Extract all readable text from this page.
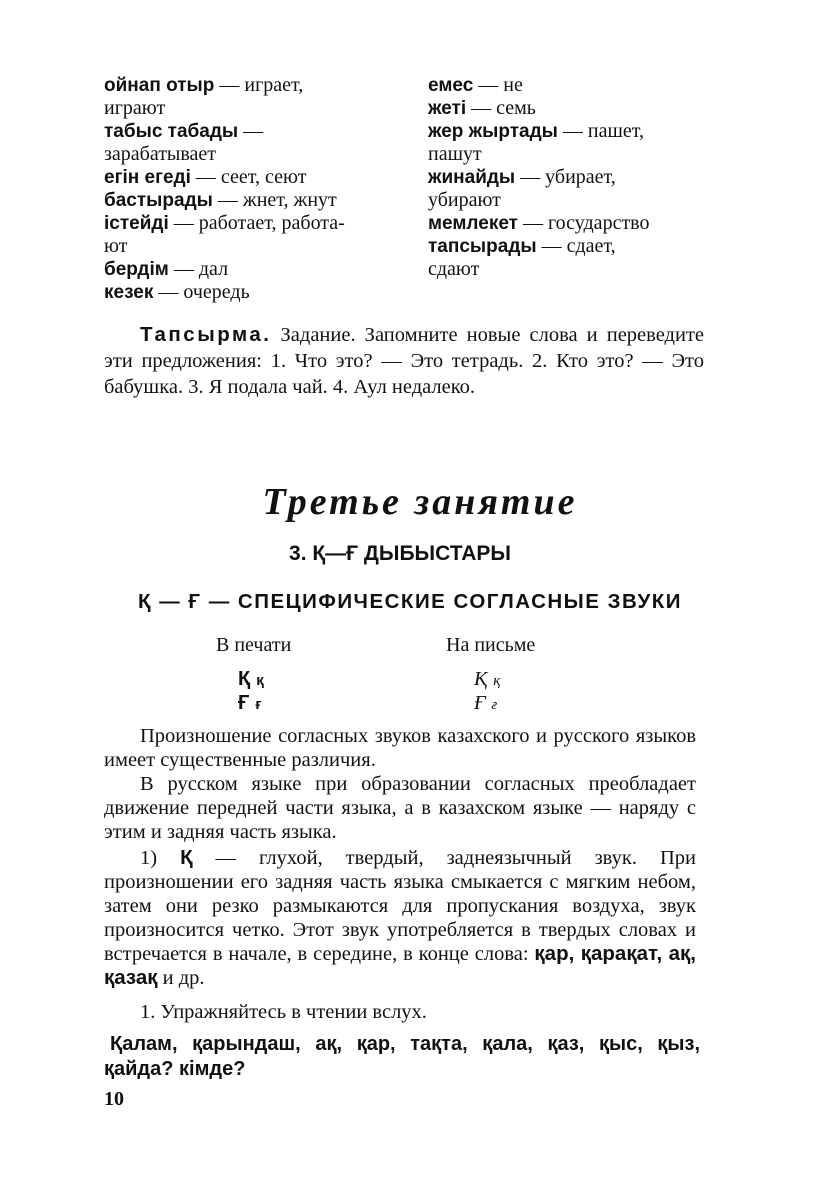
ойнап отыр — играет,
играют
табыс табады —
зарабатывает
егін егеді — сеет, сеют
бастырады — жнет, жнут
істейді — работает, работа-
ют
бердім — дал
кезек — очередь
емес — не
жеті — семь
жер жыртады — пашет,
пашут
жинайды — убирает,
убирают
мемлекет — государство
тапсырады — сдает,
сдают
Тапсырма. Задание. Запомните новые слова и переведите эти предложения: 1. Что это? — Это тетрадь. 2. Кто это? — Это бабушка. 3. Я подала чай. 4. Аул недалеко.
Третье занятие
3. Қ—Ғ ДЫБЫСТАРЫ
Қ — Ғ — СПЕЦИФИЧЕСКИЕ СОГЛАСНЫЕ ЗВУКИ
В печати	На письме
Қ қ
Ғ ғ
Қ қ
Ғ ғ
Произношение согласных звуков казахского и русского языков имеет существенные различия.
В русском языке при образовании согласных преобладает движение передней части языка, а в казахском языке — наряду с этим и задняя часть языка.
1) Қ — глухой, твердый, заднеязычный звук. При произношении его задняя часть языка смыкается с мягким небом, затем они резко размыкаются для пропускания воздуха, звук произносится четко. Этот звук употребляется в твердых словах и встречается в начале, в середине, в конце слова: қар, қарақат, ақ, қазақ и др.
1. Упражняйтесь в чтении вслух.
Қалам, қарындаш, ақ, қар, тақта, қала, қаз, қыс, қыз, қайда? кімде?
10
